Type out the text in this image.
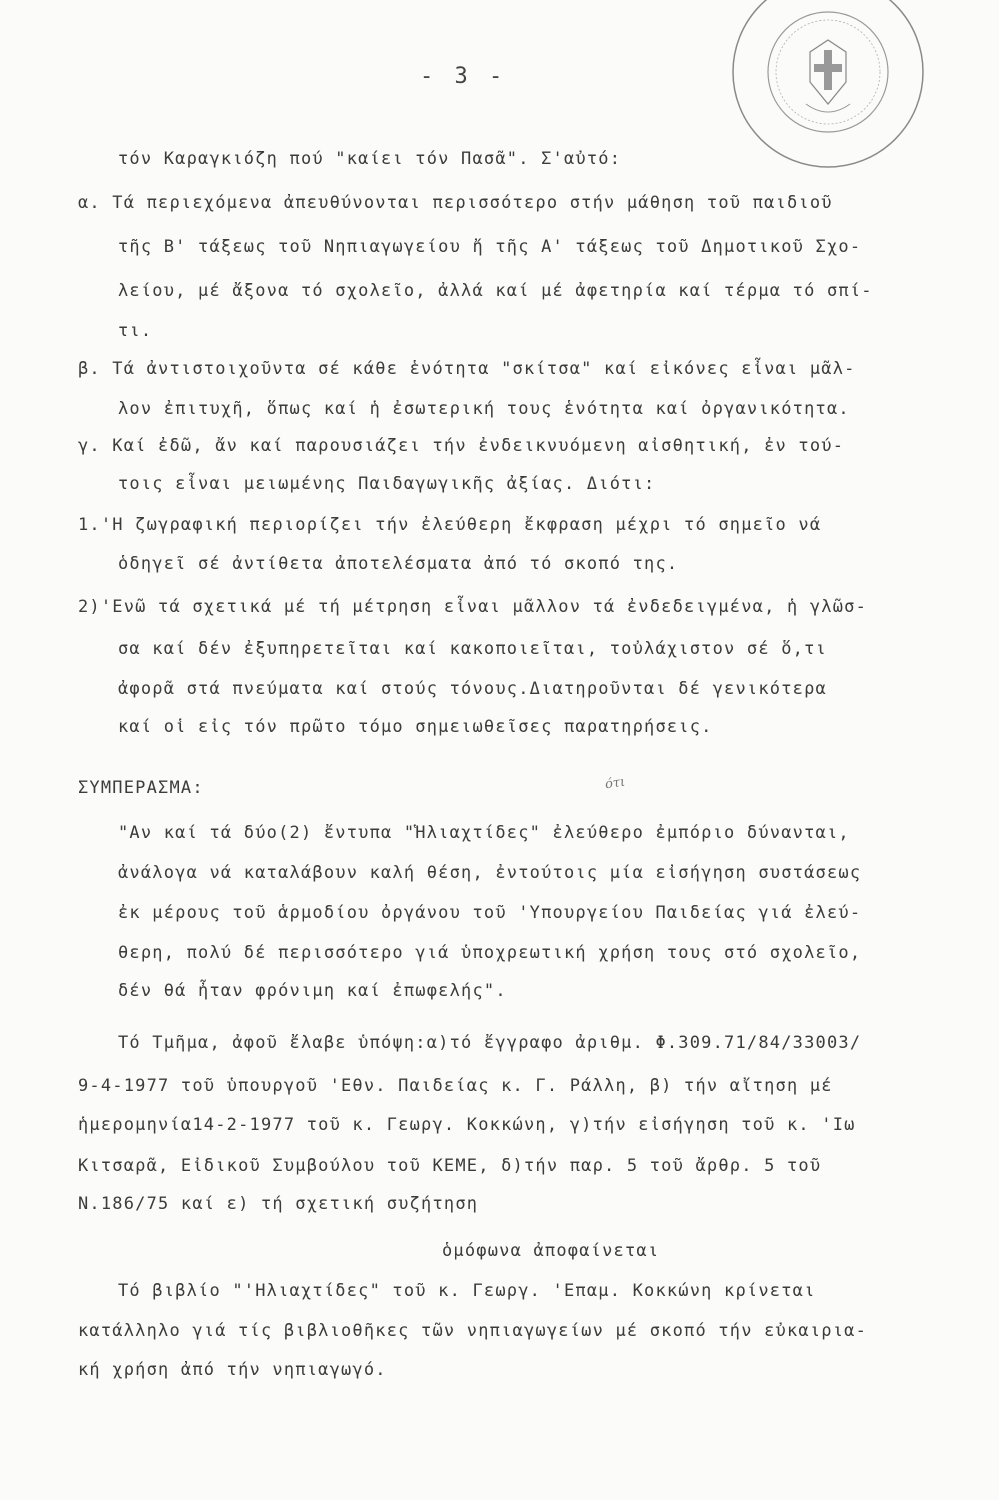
- 3 -
τόν Καραγκιόζη πού "καίει τόν Πασᾶ". Σ'αὐτό:
α. Τά περιεχόμενα ἀπευθύνονται περισσότερο στήν μάθηση τοῦ παιδιοῦ
τῆς Β' τάξεως τοῦ Νηπιαγωγείου ἤ τῆς Α' τάξεως τοῦ Δημοτικοῦ Σχο-
λείου, μέ ἄξονα τό σχολεῖο, ἀλλά καί μέ ἀφετηρία καί τέρμα τό σπί-
τι.
β. Τά ἀντιστοιχοῦντα σέ κάθε ἑνότητα "σκίτσα" καί εἰκόνες εἶναι μᾶλ-
λον ἐπιτυχῆ, ὅπως καί ἡ ἐσωτερική τους ἑνότητα καί ὀργανικότητα.
γ. Καί ἐδῶ, ἄν καί παρουσιάζει τήν ἐνδεικνυόμενη αἰσθητική, ἐν τού-
τοις εἶναι μειωμένης Παιδαγωγικῆς ἀξίας. Διότι:
1.'Η ζωγραφική περιορίζει τήν ἐλεύθερη ἔκφραση μέχρι τό σημεῖο νά
ὁδηγεῖ σέ ἀντίθετα ἀποτελέσματα ἀπό τό σκοπό της.
2)'Ενῶ τά σχετικά μέ τή μέτρηση εἶναι μᾶλλον τά ἐνδεδειγμένα, ἡ γλῶσ-
σα καί δέν ἐξυπηρετεῖται καί κακοποιεῖται, τοὐλάχιστον σέ ὅ,τι
ἀφορᾶ στά πνεύματα καί στούς τόνους.Διατηροῦνται δέ γενικότερα
καί οἱ εἰς τόν πρῶτο τόμο σημειωθεῖσες παρατηρήσεις.
ΣΥΜΠΕΡΑΣΜΑ:	ότι
"Αν καί τά δύο(2) ἔντυπα "Ἡλιαχτίδες" ἐλεύθερο ἐμπόριο δύνανται,
ἀνάλογα νά καταλάβουν καλή θέση, ἐντούτοις μία εἰσήγηση συστάσεως
ἐκ μέρους τοῦ ἁρμοδίου ὀργάνου τοῦ 'Υπουργείου Παιδείας γιά ἐλεύ-
θερη, πολύ δέ περισσότερο γιά ὑποχρεωτική χρήση τους στό σχολεῖο,
δέν θά ἦταν φρόνιμη καί ἐπωφελής".
Τό Τμῆμα, ἀφοῦ ἔλαβε ὑπόψη:α)τό ἔγγραφο ἀριθμ. Φ.309.71/84/33003/
9-4-1977 τοῦ ὑπουργοῦ 'Εθν. Παιδείας κ. Γ. Ράλλη, β) τήν αἴτηση μέ
ἡμερομηνία14-2-1977 τοῦ κ. Γεωργ. Κοκκώνη, γ)τήν εἰσήγηση τοῦ κ. 'Ιω
Κιτσαρᾶ, Εἰδικοῦ Συμβούλου τοῦ ΚΕΜΕ, δ)τήν παρ. 5 τοῦ ἄρθρ. 5 τοῦ
Ν.186/75 καί ε) τή σχετική συζήτηση
ὁμόφωνα ἀποφαίνεται
Τό βιβλίο "'Ηλιαχτίδες" τοῦ κ. Γεωργ. 'Επαμ. Κοκκώνη κρίνεται
κατάλληλο γιά τίς βιβλιοθῆκες τῶν νηπιαγωγείων μέ σκοπό τήν εὐκαιρια-
κή χρήση ἀπό τήν νηπιαγωγό.
